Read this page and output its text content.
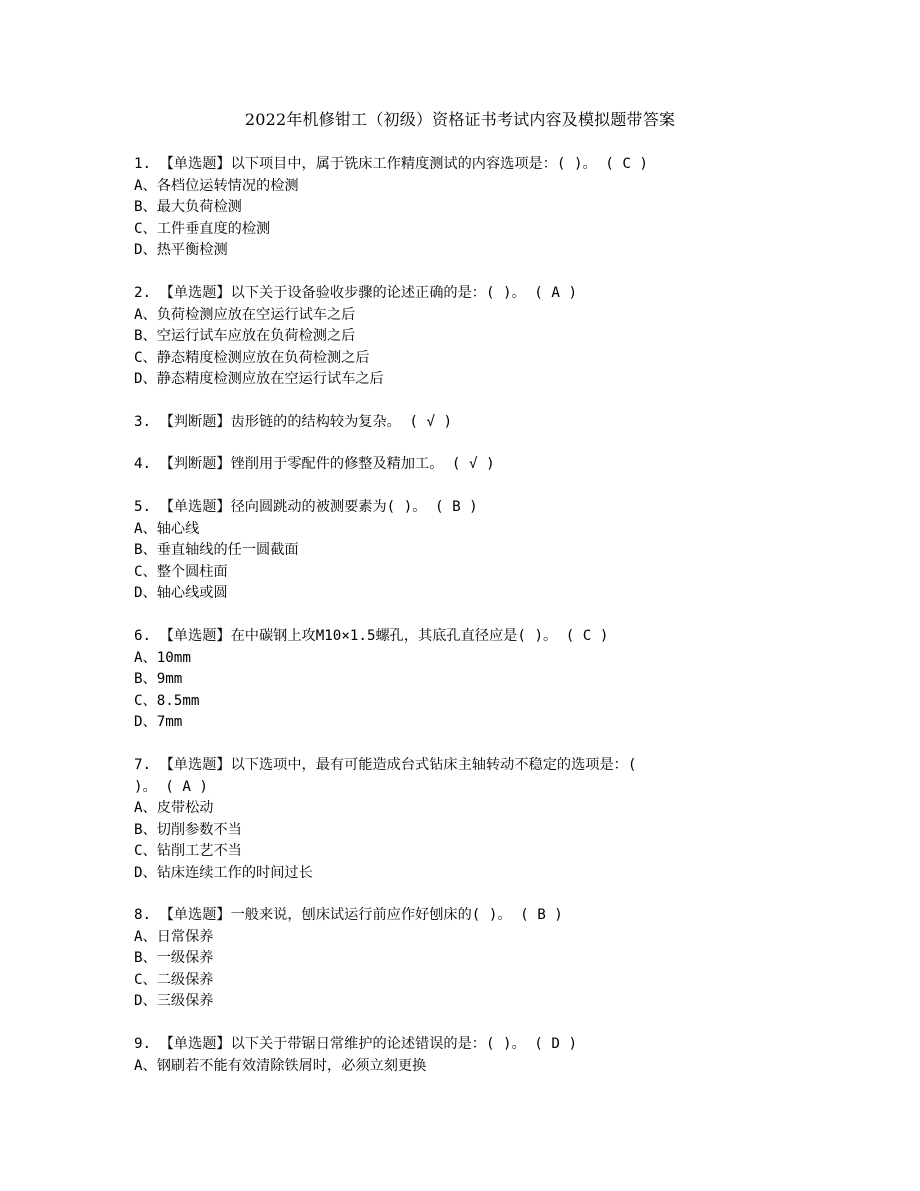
2022年机修钳工（初级）资格证书考试内容及模拟题带答案
1. 【单选题】以下项目中，属于铣床工作精度测试的内容选项是：( )。 ( C )
A、各档位运转情况的检测
B、最大负荷检测
C、工件垂直度的检测
D、热平衡检测
2. 【单选题】以下关于设备验收步骤的论述正确的是：( )。 ( A )
A、负荷检测应放在空运行试车之后
B、空运行试车应放在负荷检测之后
C、静态精度检测应放在负荷检测之后
D、静态精度检测应放在空运行试车之后
3. 【判断题】齿形链的的结构较为复杂。 ( √ )
4. 【判断题】锉削用于零配件的修整及精加工。 ( √ )
5. 【单选题】径向圆跳动的被测要素为( )。 ( B )
A、轴心线
B、垂直轴线的任一圆截面
C、整个圆柱面
D、轴心线或圆
6. 【单选题】在中碳钢上攻M10×1.5螺孔，其底孔直径应是( )。 ( C )
A、10mm
B、9mm
C、8.5mm
D、7mm
7. 【单选题】以下选项中，最有可能造成台式钻床主轴转动不稳定的选项是：(
)。 ( A )
A、皮带松动
B、切削参数不当
C、钻削工艺不当
D、钻床连续工作的时间过长
8. 【单选题】一般来说，刨床试运行前应作好刨床的( )。 ( B )
A、日常保养
B、一级保养
C、二级保养
D、三级保养
9. 【单选题】以下关于带锯日常维护的论述错误的是：( )。 ( D )
A、钢刷若不能有效清除铁屑时，必须立刻更换
